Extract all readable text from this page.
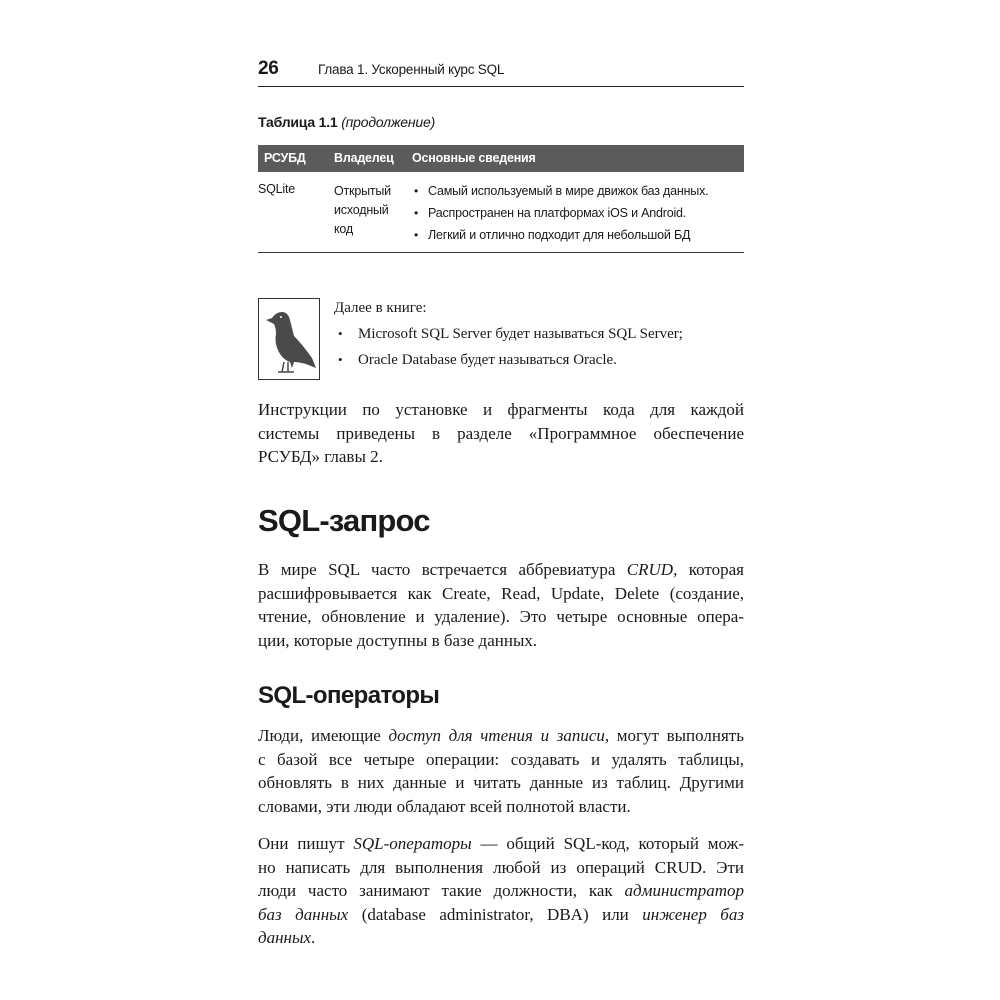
26	Глава 1. Ускоренный курс SQL
Таблица 1.1 (продолжение)
РСУБД Владелец Основные сведения
SQLite	Открытый
исходный
код
• Самый используемый в мире движок баз данных.
• Распространен на платформах iOS и Android.
• Легкий и отлично подходит для небольшой БД
Далее в книге:
• Microsoft SQL Server будет называться SQL Server;
• Oracle Database будет называться Oracle.

Инструкции по установке и фрагменты кода для каждой
системы приведены в разделе «Программное обеспечение
РСУБД» главы 2.

SQL-запрос

В мире SQL часто встречается аббревиатура CRUD, которая
расшифровывается как Create, Read, Update, Delete (создание,
чтение, обновление и удаление). Это четыре основные опера-
ции, которые доступны в базе данных.

SQL-операторы

Люди, имеющие доступ для чтения и записи, могут выполнять
с базой все четыре операции: создавать и удалять таблицы,
обновлять в них данные и читать данные из таблиц. Другими
словами, эти люди обладают всей полнотой власти.

Они пишут SQL-операторы — общий SQL-код, который мож-
но написать для выполнения любой из операций CRUD. Эти
люди часто занимают такие должности, как администратор
баз данных (database administrator, DBA) или инженер баз
данных.
